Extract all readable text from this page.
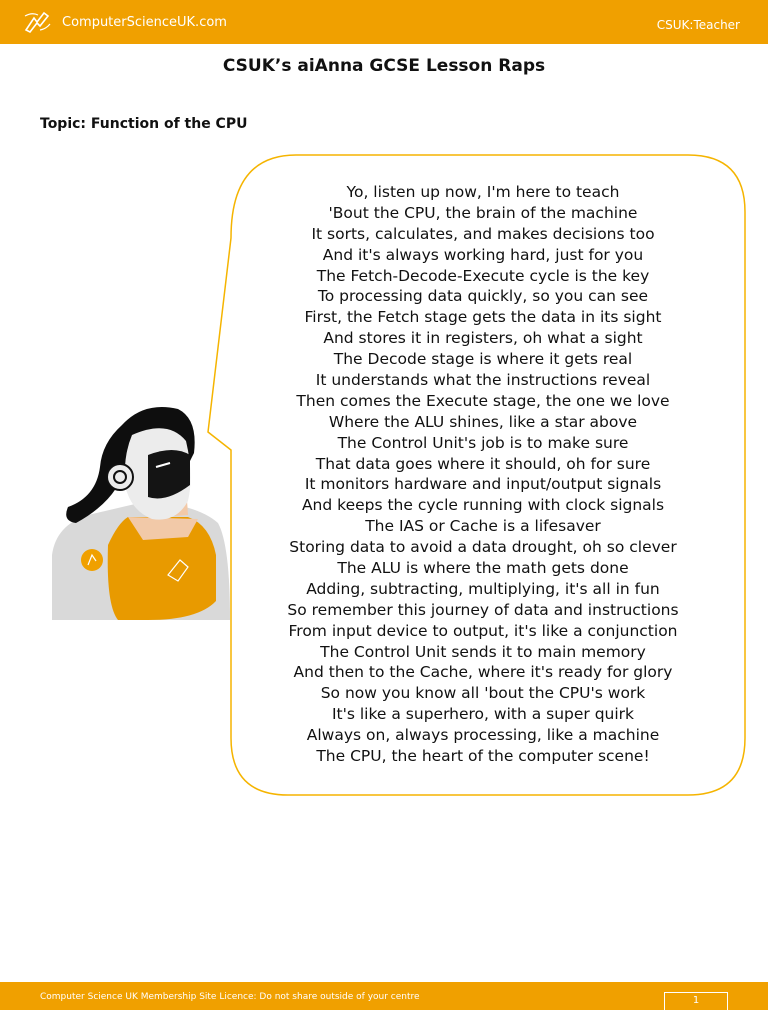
ComputerScienceUK.com	CSUK:Teacher
CSUK’s aiAnna GCSE Lesson Raps
Topic: Function of the CPU
Yo, listen up now, I'm here to teach
'Bout the CPU, the brain of the machine
It sorts, calculates, and makes decisions too
And it's always working hard, just for you
The Fetch-Decode-Execute cycle is the key
To processing data quickly, so you can see
First, the Fetch stage gets the data in its sight
And stores it in registers, oh what a sight
The Decode stage is where it gets real
It understands what the instructions reveal
Then comes the Execute stage, the one we love
Where the ALU shines, like a star above
The Control Unit's job is to make sure
That data goes where it should, oh for sure
It monitors hardware and input/output signals
And keeps the cycle running with clock signals
The IAS or Cache is a lifesaver
Storing data to avoid a data drought, oh so clever
The ALU is where the math gets done
Adding, subtracting, multiplying, it's all in fun
So remember this journey of data and instructions
From input device to output, it's like a conjunction
The Control Unit sends it to main memory
And then to the Cache, where it's ready for glory
So now you know all 'bout the CPU's work
It's like a superhero, with a super quirk
Always on, always processing, like a machine
The CPU, the heart of the computer scene!
Computer Science UK Membership Site Licence: Do not share outside of your centre	1
